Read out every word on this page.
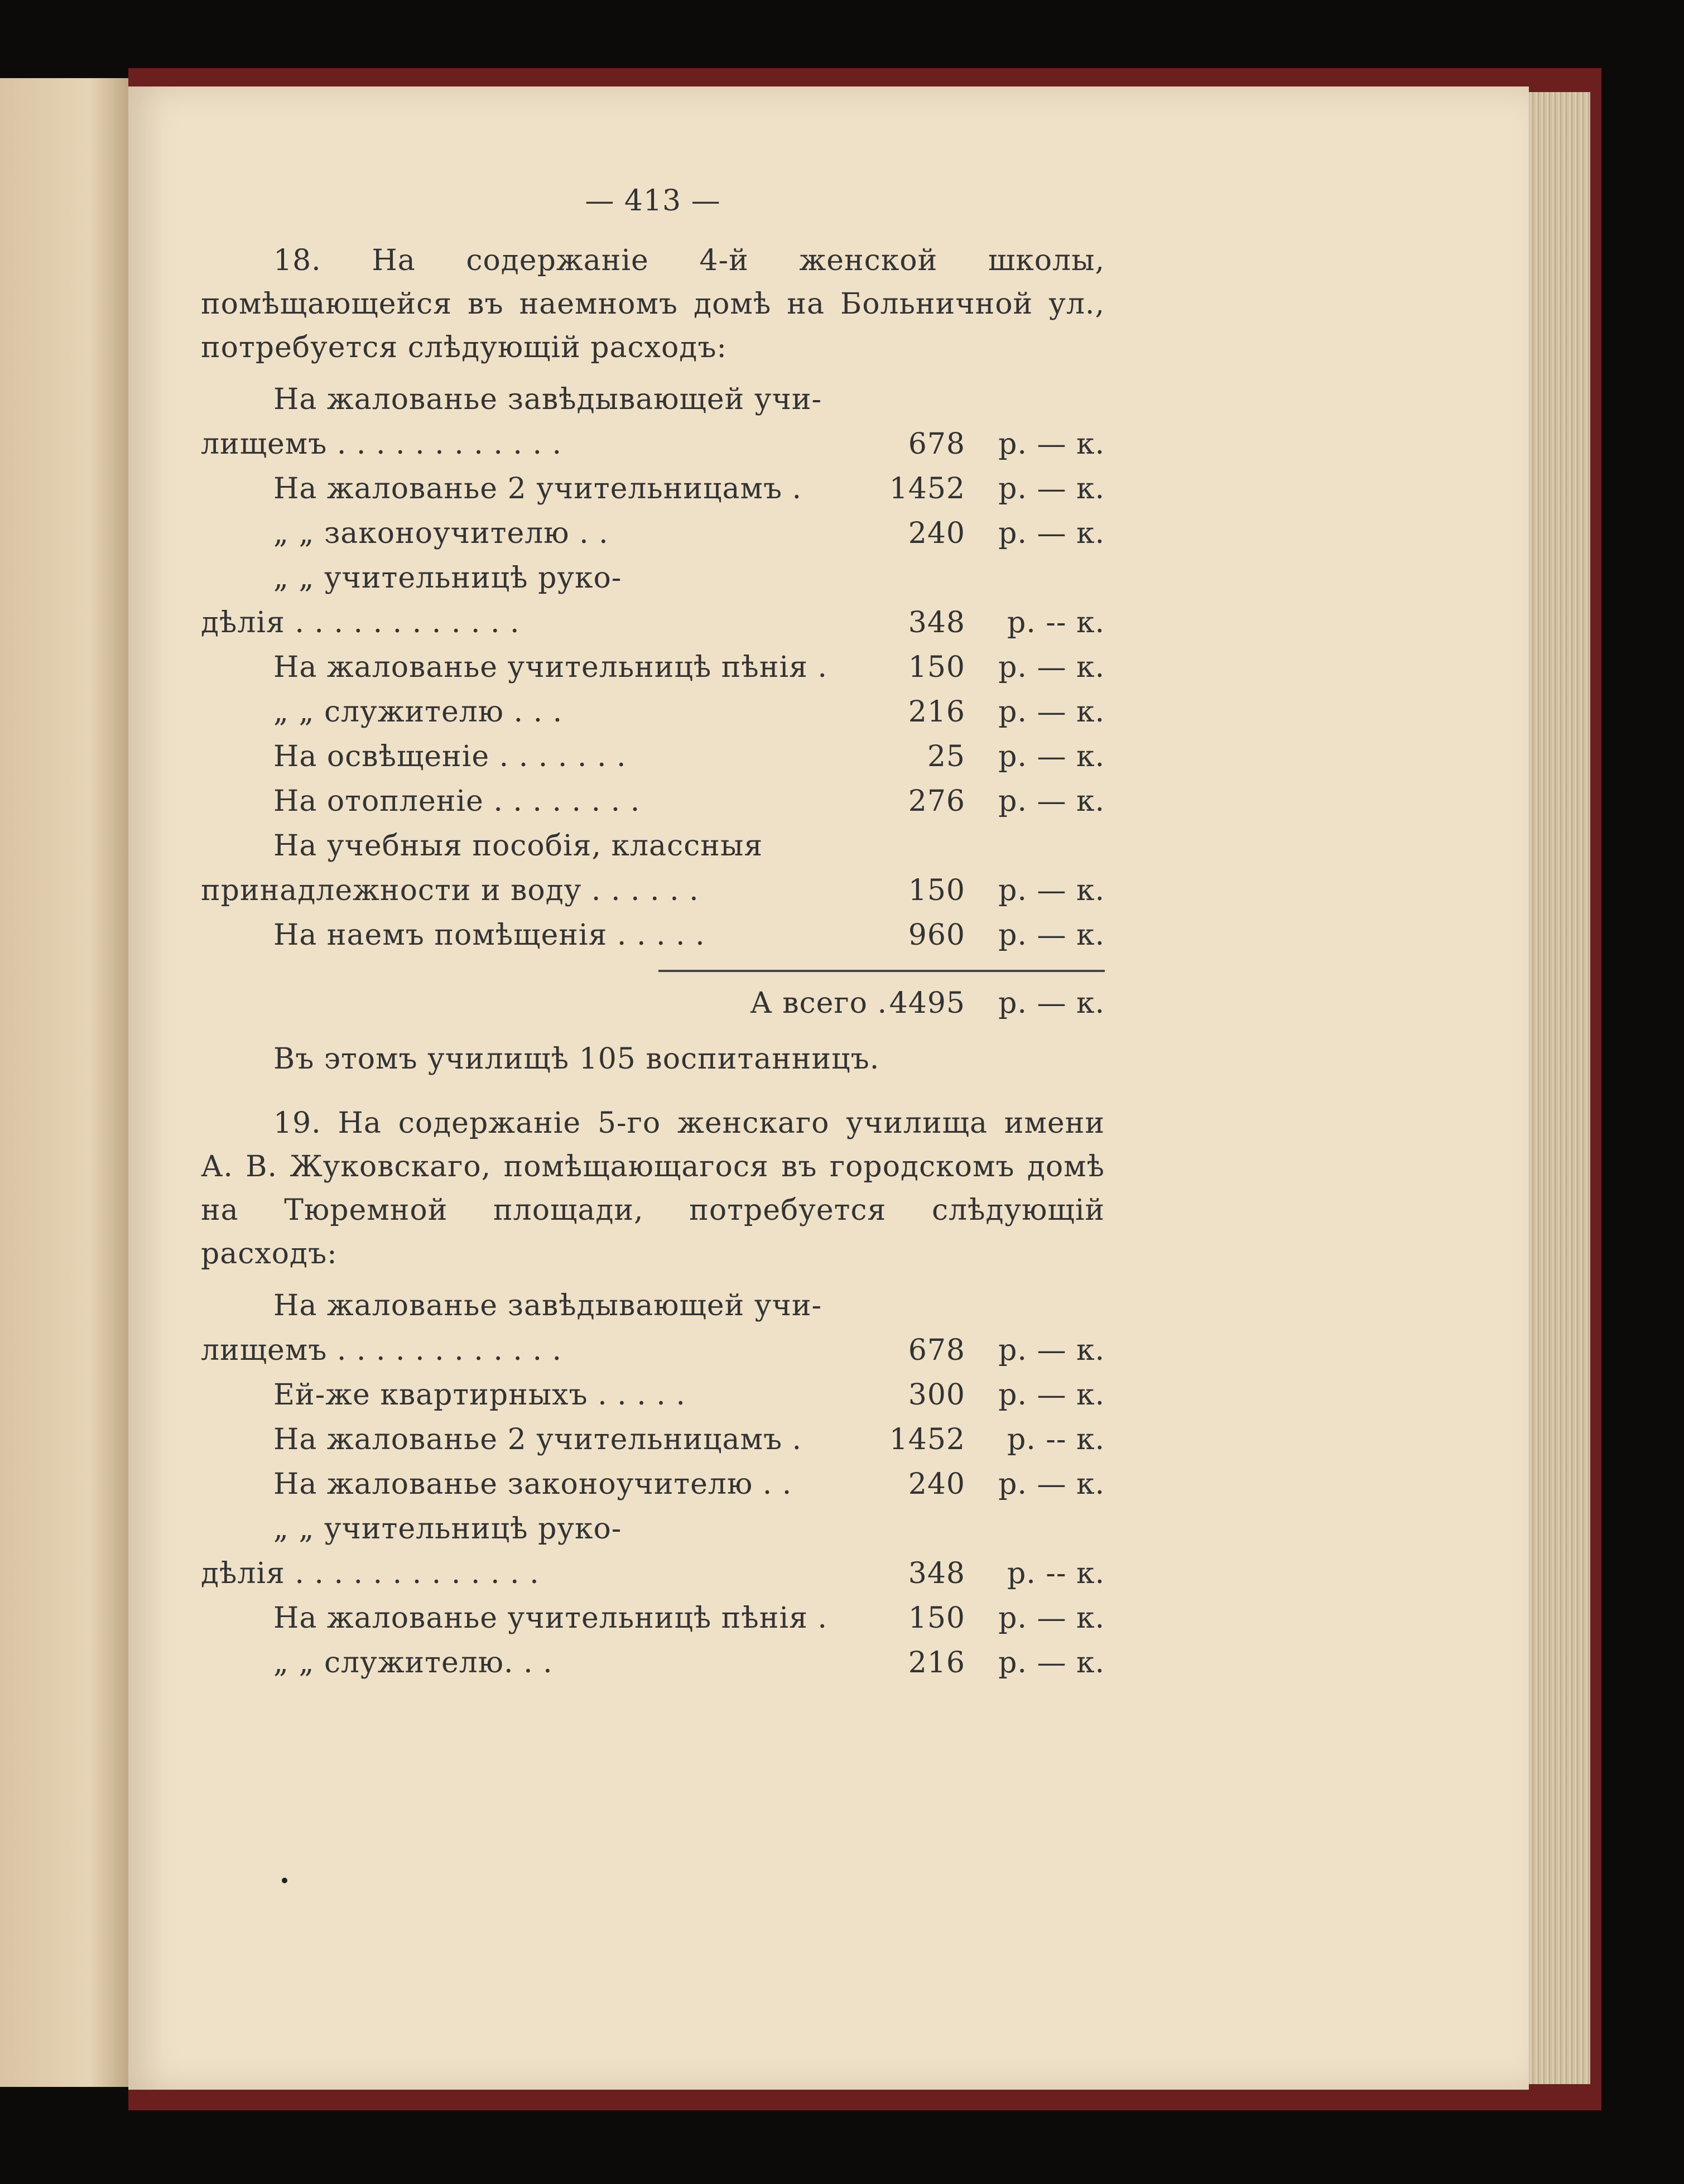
— 413 —

18. На содержаніе 4-й женской школы, помѣщающейся въ наемномъ домѣ на Больничной ул., потребуется слѣдующій расходъ:

На жалованье завѣдывающей учи-
лищемъ . . . . . . . . . . . .	678	р. — к.
На жалованье 2 учительницамъ .	1452	р. — к.
„ „ законоучителю . .	240	р. — к.
„ „ учительницѣ руко-
дѣлія . . . . . . . . . . . .	348	р. -- к.
На жалованье учительницѣ пѣнія .	150	р. — к.
„ „ служителю . . .	216	р. — к.
На освѣщеніе . . . . . . .	25	р. — к.
На отопленіе . . . . . . . .	276	р. — к.
На учебныя пособія, классныя
принадлежности и воду . . . . . .	150	р. — к.
На наемъ помѣщенія . . . . .	960	р. — к.
А всего . 4495	р. — к.
Въ этомъ училищѣ 105 воспитанницъ.

19. На содержаніе 5-го женскаго училища имени А. В. Жуковскаго, помѣщающагося въ городскомъ домѣ на Тюремной площади, потребуется слѣдующій расходъ:

На жалованье завѣдывающей учи-
лищемъ . . . . . . . . . . . .	678	р. — к.
Ей-же квартирныхъ . . . . .	300	р. — к.
На жалованье 2 учительницамъ .	1452	р. -- к.
На жалованье законоучителю . .	240	р. — к.
„ „ учительницѣ руко-
дѣлія . . . . . . . . . . . . .	348	р. -- к.
На жалованье учительницѣ пѣнія .	150	р. — к.
„ „ служителю. . .	216	р. — к.
